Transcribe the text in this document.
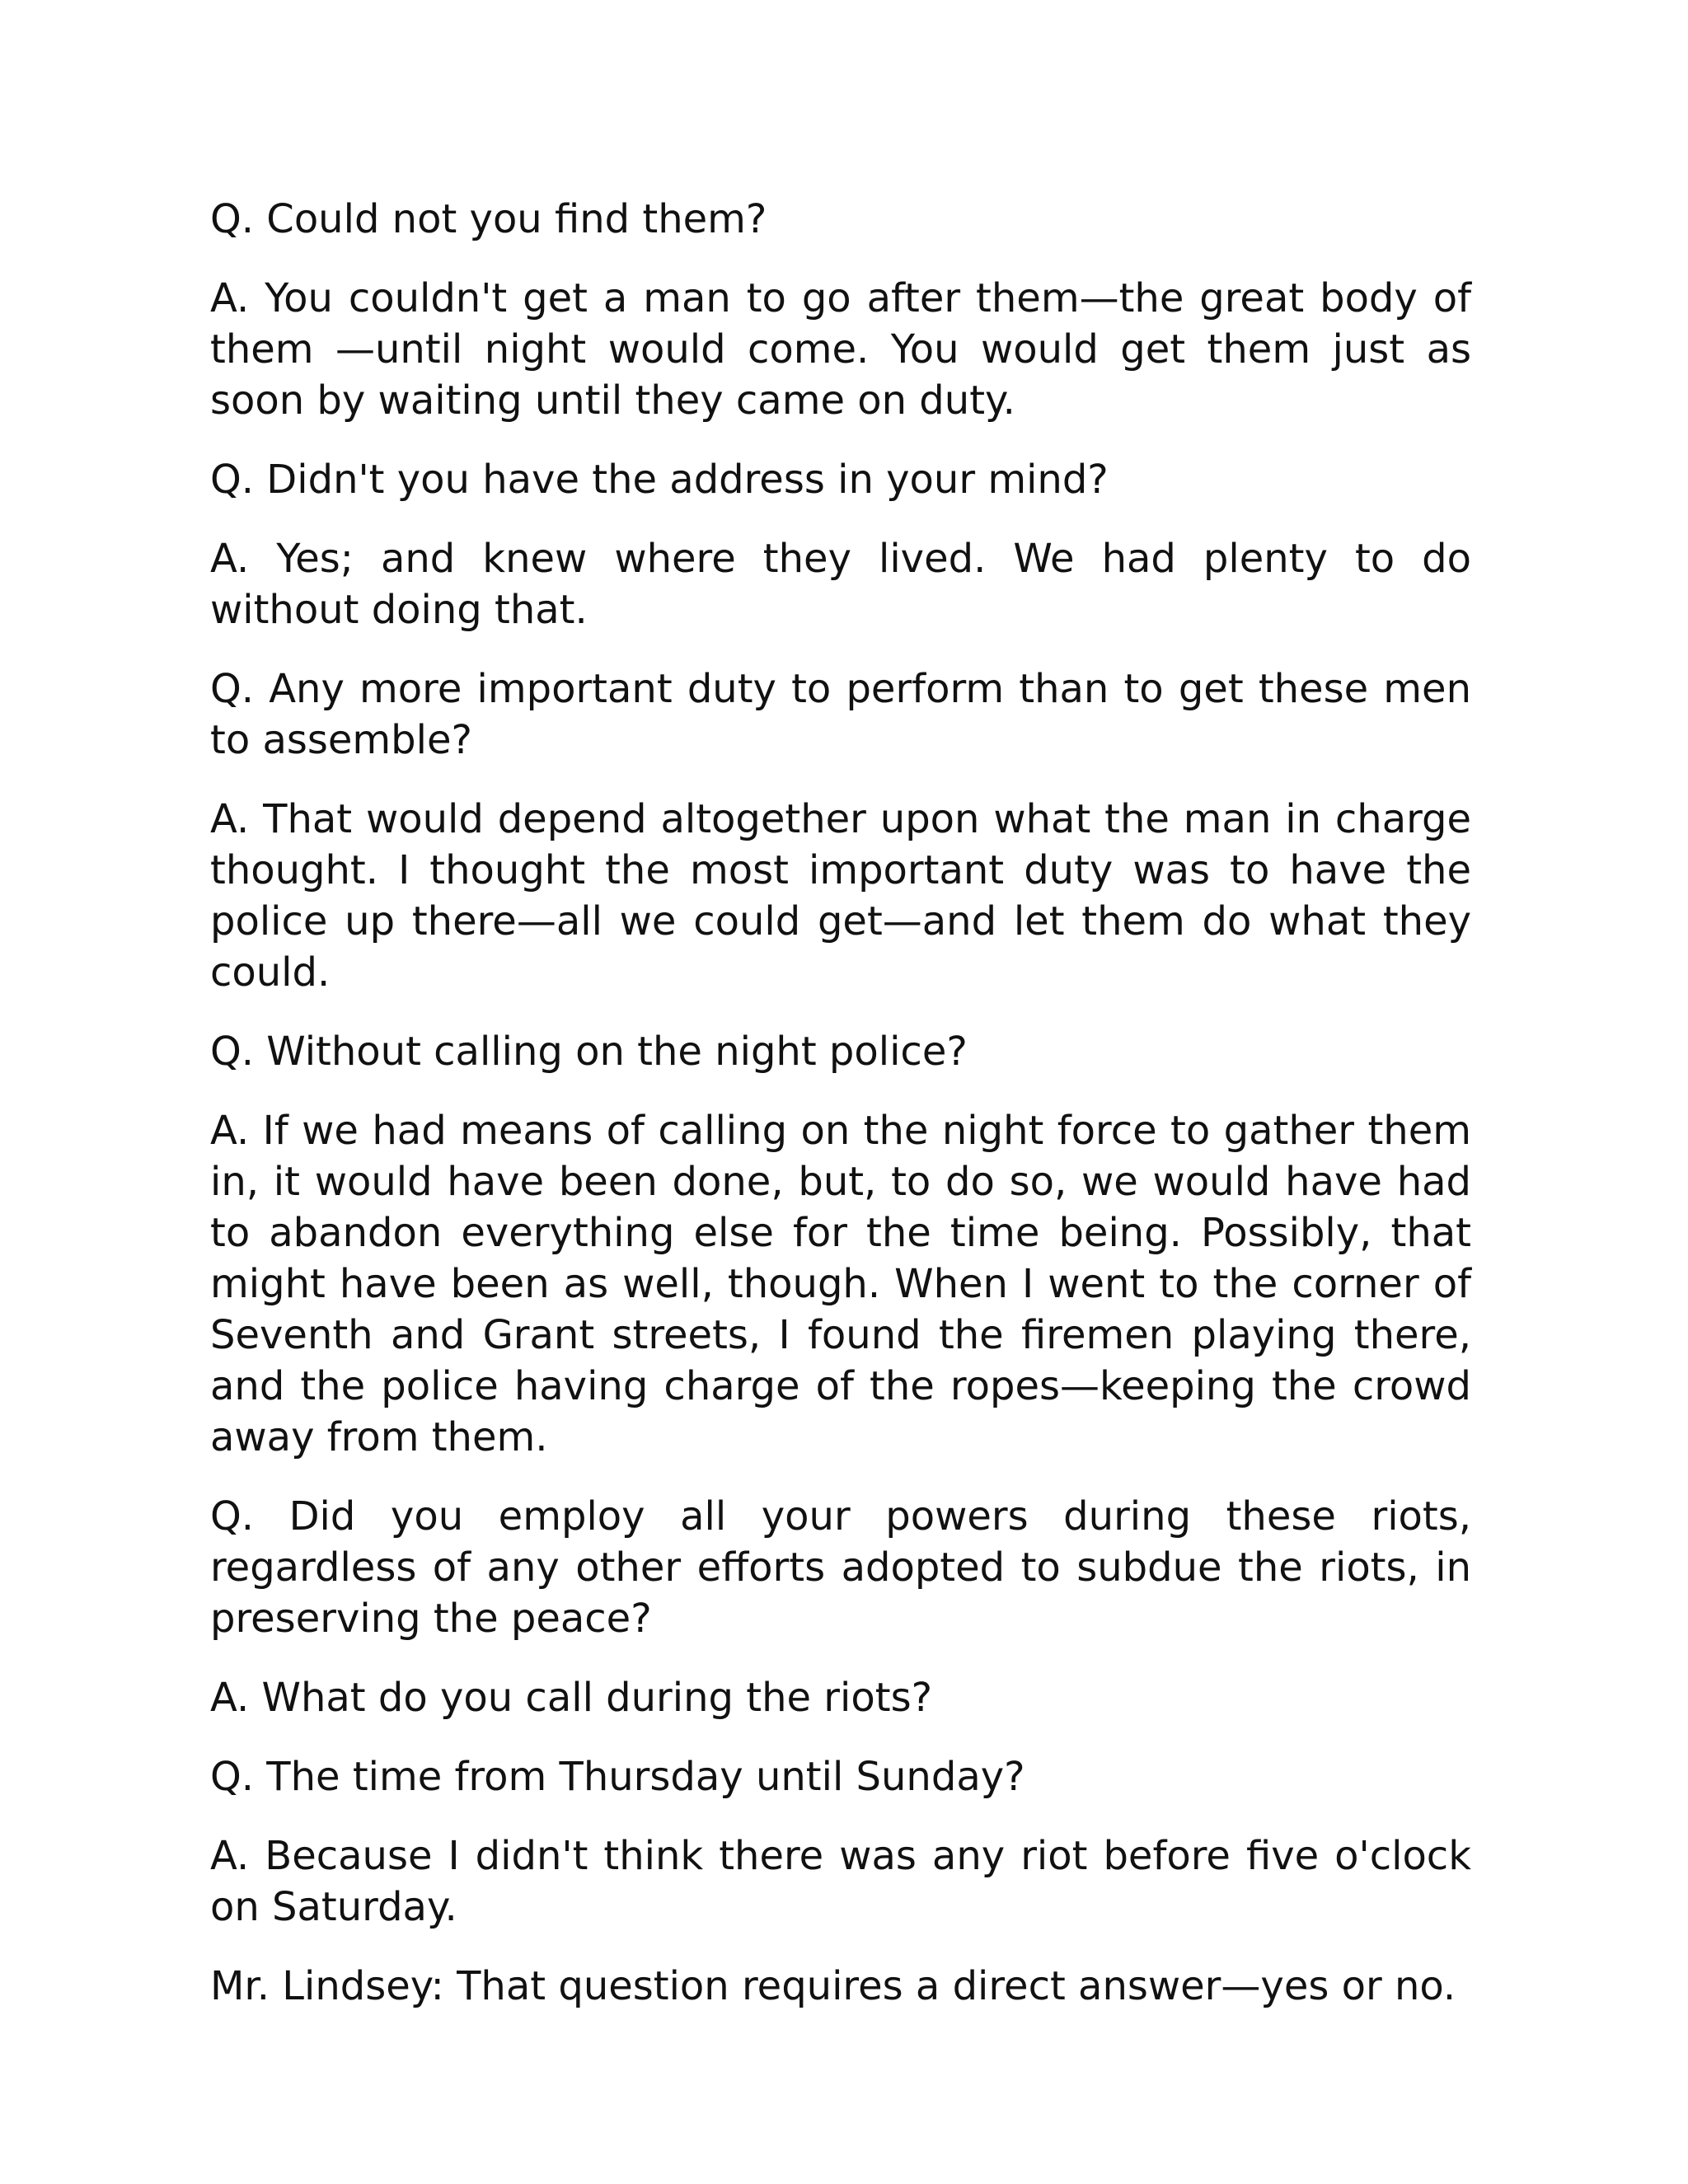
Q. Could not you find them?

A. You couldn't get a man to go after them—the great body of them —until night would come. You would get them just as soon by waiting until they came on duty.

Q. Didn't you have the address in your mind?

A. Yes; and knew where they lived. We had plenty to do without doing that.

Q. Any more important duty to perform than to get these men to assemble?

A. That would depend altogether upon what the man in charge thought. I thought the most important duty was to have the police up there—all we could get—and let them do what they could.

Q. Without calling on the night police?

A. If we had means of calling on the night force to gather them in, it would have been done, but, to do so, we would have had to abandon everything else for the time being. Possibly, that might have been as well, though. When I went to the corner of Seventh and Grant streets, I found the firemen playing there, and the police having charge of the ropes—keeping the crowd away from them.

Q. Did you employ all your powers during these riots, regardless of any other efforts adopted to subdue the riots, in preserving the peace?

A. What do you call during the riots?

Q. The time from Thursday until Sunday?

A. Because I didn't think there was any riot before five o'clock on Saturday.

Mr. Lindsey: That question requires a direct answer—yes or no.
